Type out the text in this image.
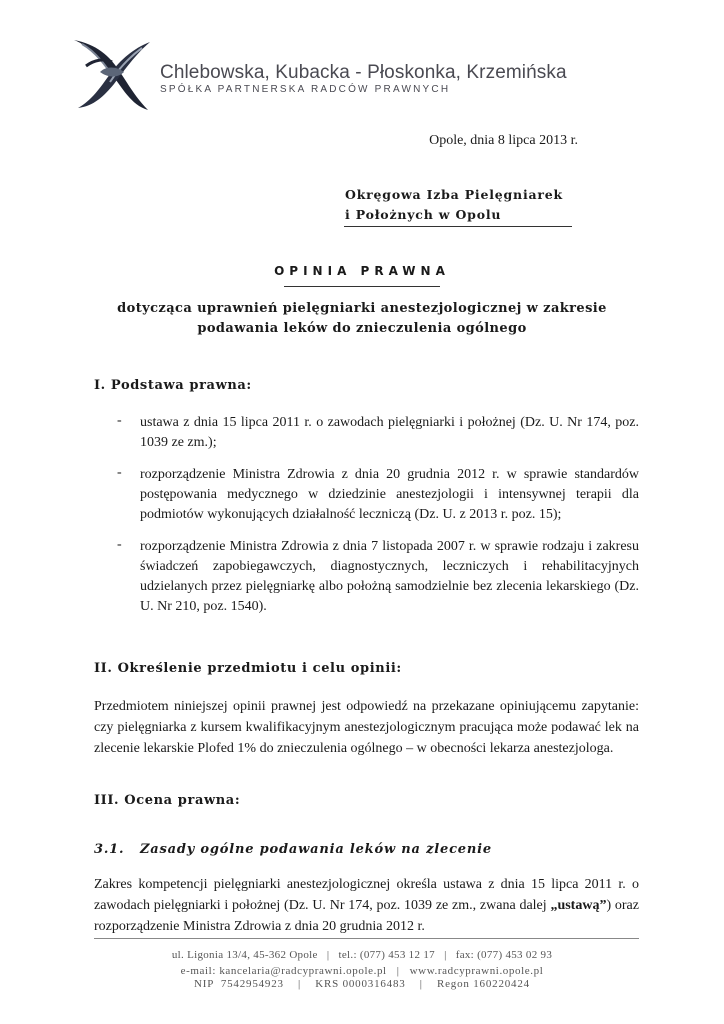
Chlebowska, Kubacka - Płoskonka, Krzemińska
SPÓŁKA PARTNERSKA RADCÓW PRAWNYCH
Opole, dnia 8 lipca 2013 r.
Okręgowa Izba Pielęgniarek
i Położnych w Opolu
OPINIA PRAWNA
dotycząca uprawnień pielęgniarki anestezjologicznej w zakresie
podawania leków do znieczulenia ogólnego
I. Podstawa prawna:
- ustawa z dnia 15 lipca 2011 r. o zawodach pielęgniarki i położnej (Dz. U. Nr 174, poz. 1039 ze zm.);
- rozporządzenie Ministra Zdrowia z dnia 20 grudnia 2012 r. w sprawie standardów postępowania medycznego w dziedzinie anestezjologii i intensywnej terapii dla podmiotów wykonujących działalność leczniczą (Dz. U. z 2013 r. poz. 15);
- rozporządzenie Ministra Zdrowia z dnia 7 listopada 2007 r. w sprawie rodzaju i zakresu świadczeń zapobiegawczych, diagnostycznych, leczniczych i rehabilitacyjnych udzielanych przez pielęgniarkę albo położną samodzielnie bez zlecenia lekarskiego (Dz. U. Nr 210, poz. 1540).
II. Określenie przedmiotu i celu opinii:
Przedmiotem niniejszej opinii prawnej jest odpowiedź na przekazane opiniującemu zapytanie: czy pielęgniarka z kursem kwalifikacyjnym anestezjologicznym pracująca może podawać lek na zlecenie lekarskie Plofed 1% do znieczulenia ogólnego – w obecności lekarza anestezjologa.
III. Ocena prawna:
3.1. Zasady ogólne podawania leków na zlecenie
Zakres kompetencji pielęgniarki anestezjologicznej określa ustawa z dnia 15 lipca 2011 r. o zawodach pielęgniarki i położnej (Dz. U. Nr 174, poz. 1039 ze zm., zwana dalej „ustawą”) oraz rozporządzenie Ministra Zdrowia z dnia 20 grudnia 2012 r.
ul. Ligonia 13/4, 45-362 Opole   |   tel.: (077) 453 12 17   |   fax: (077) 453 02 93
e-mail: kancelaria@radcyprawni.opole.pl   |   www.radcyprawni.opole.pl
NIP  7542954923    |    KRS 0000316483    |    Regon 160220424
